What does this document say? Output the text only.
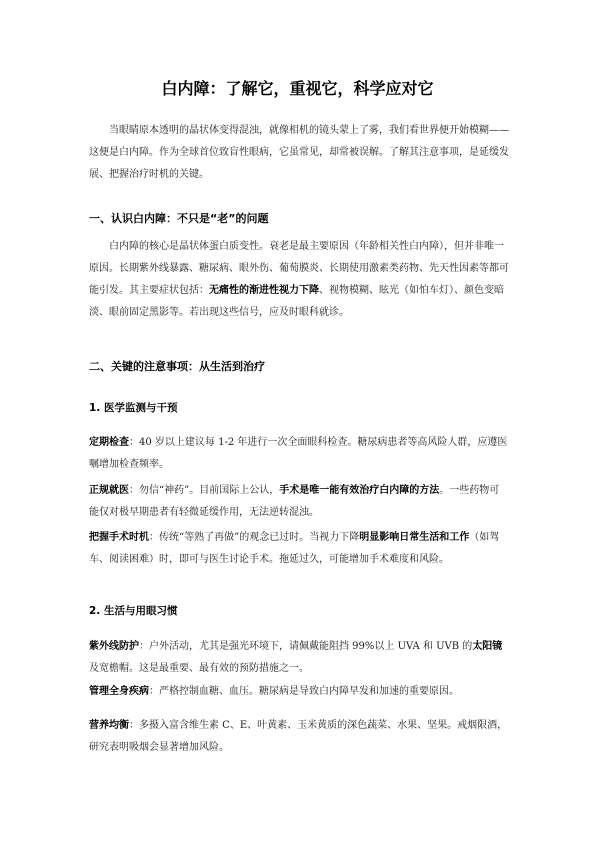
白内障：了解它，重视它，科学应对它

当眼睛原本透明的晶状体变得混浊，就像相机的镜头蒙上了雾，我们看世界便开始模糊——这便是白内障。作为全球首位致盲性眼病，它虽常见，却常被误解。了解其注意事项，是延缓发展、把握治疗时机的关键。

一、认识白内障：不只是“老”的问题

白内障的核心是晶状体蛋白质变性。衰老是最主要原因（年龄相关性白内障），但并非唯一原因。长期紫外线暴露、糖尿病、眼外伤、葡萄膜炎、长期使用激素类药物、先天性因素等都可能引发。其主要症状包括：无痛性的渐进性视力下降、视物模糊、眩光（如怕车灯）、颜色变暗淡、眼前固定黑影等。若出现这些信号，应及时眼科就诊。

二、关键的注意事项：从生活到治疗
1. 医学监测与干预

定期检查：40 岁以上建议每 1-2 年进行一次全面眼科检查。糖尿病患者等高风险人群，应遵医嘱增加检查频率。

正规就医：勿信“神药”。目前国际上公认，手术是唯一能有效治疗白内障的方法。一些药物可能仅对极早期患者有轻微延缓作用，无法逆转混浊。

把握手术时机：传统“等熟了再做”的观念已过时。当视力下降明显影响日常生活和工作（如驾车、阅读困难）时，即可与医生讨论手术。拖延过久，可能增加手术难度和风险。

2. 生活与用眼习惯

紫外线防护：户外活动，尤其是强光环境下，请佩戴能阻挡 99%以上 UVA 和 UVB 的太阳镜及宽檐帽。这是最重要、最有效的预防措施之一。

管理全身疾病：严格控制血糖、血压。糖尿病是导致白内障早发和加速的重要原因。

营养均衡：多摄入富含维生素 C、E、叶黄素、玉米黄质的深色蔬菜、水果、坚果。戒烟限酒，研究表明吸烟会显著增加风险。
